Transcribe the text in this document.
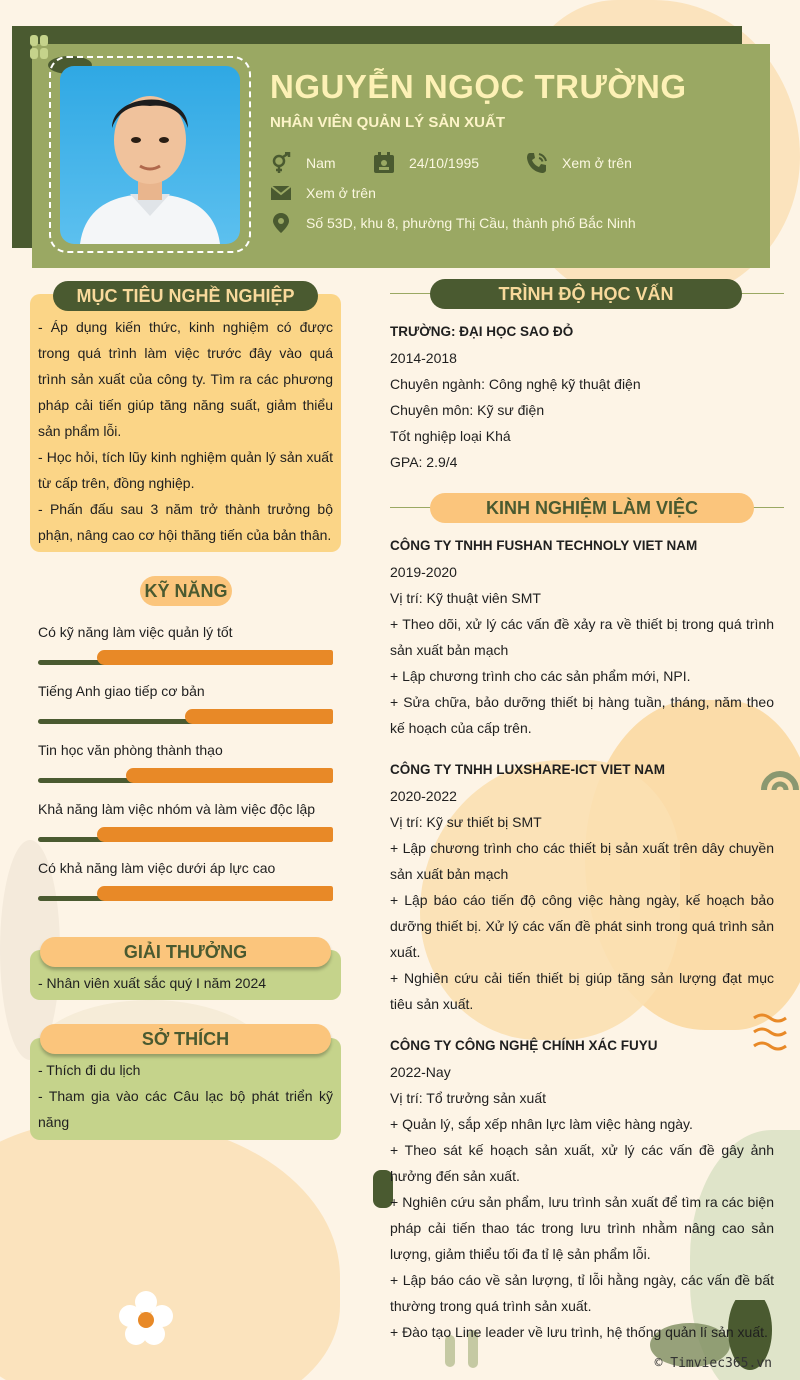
NGUYỄN NGỌC TRƯỜNG
NHÂN VIÊN QUẢN LÝ SẢN XUẤT
Nam	24/10/1995	Xem ở trên
Xem ở trên
Số 53D, khu 8, phường Thị Cầu, thành phố Bắc Ninh
MỤC TIÊU NGHỀ NGHIỆP

- Áp dụng kiến thức, kinh nghiệm có được trong quá trình làm việc trước đây vào quá trình sản xuất của công ty. Tìm ra các phương pháp cải tiến giúp tăng năng suất, giảm thiểu sản phẩm lỗi.

- Học hỏi, tích lũy kinh nghiệm quản lý sản xuất từ cấp trên, đồng nghiệp.

- Phấn đấu sau 3 năm trở thành trưởng bộ phận, nâng cao cơ hội thăng tiến của bản thân.

KỸ NĂNG
Có kỹ năng làm việc quản lý tốt
Tiếng Anh giao tiếp cơ bản
Tin học văn phòng thành thạo
Khả năng làm việc nhóm và làm việc độc lập
Có khả năng làm việc dưới áp lực cao
GIẢI THƯỞNG

- Nhân viên xuất sắc quý I năm 2024

SỞ THÍCH

- Thích đi du lịch

- Tham gia vào các Câu lạc bộ phát triển kỹ năng

TRÌNH ĐỘ HỌC VẤN
TRƯỜNG: ĐẠI HỌC SAO ĐỎ
2014-2018
Chuyên ngành: Công nghệ kỹ thuật điện
Chuyên môn: Kỹ sư điện
Tốt nghiệp loại Khá
GPA: 2.9/4
KINH NGHIỆM LÀM VIỆC
CÔNG TY TNHH FUSHAN TECHNOLY VIET NAM
2019-2020
Vị trí: Kỹ thuật viên SMT

+ Theo dõi, xử lý các vấn đề xảy ra về thiết bị trong quá trình sản xuất bản mạch

+ Lập chương trình cho các sản phẩm mới, NPI.

+ Sửa chữa, bảo dưỡng thiết bị hàng tuần, tháng, năm theo kế hoạch của cấp trên.

CÔNG TY TNHH LUXSHARE-ICT VIET NAM
2020-2022
Vị trí: Kỹ sư thiết bị SMT

+ Lập chương trình cho các thiết bị sản xuất trên dây chuyền sản xuất bản mạch

+ Lập báo cáo tiến độ công việc hàng ngày, kế hoạch bảo dưỡng thiết bị. Xử lý các vấn đề phát sinh trong quá trình sản xuất.

+ Nghiên cứu cải tiến thiết bị giúp tăng sản lượng đạt mục tiêu sản xuất.

CÔNG TY CÔNG NGHỆ CHÍNH XÁC FUYU
2022-Nay
Vị trí: Tổ trưởng sản xuất

+ Quản lý, sắp xếp nhân lực làm việc hàng ngày.

+ Theo sát kế hoạch sản xuất, xử lý các vấn đề gây ảnh hưởng đến sản xuất.

+ Nghiên cứu sản phẩm, lưu trình sản xuất để tìm ra các biện pháp cải tiến thao tác trong lưu trình nhằm nâng cao sản lượng, giảm thiểu tối đa tỉ lệ sản phẩm lỗi.

+ Lập báo cáo về sản lượng, tỉ lỗi hằng ngày, các vấn đề bất thường trong quá trình sản xuất.

+ Đào tạo Line leader về lưu trình, hệ thống quản lí sản xuất.

© Timviec365.vn
